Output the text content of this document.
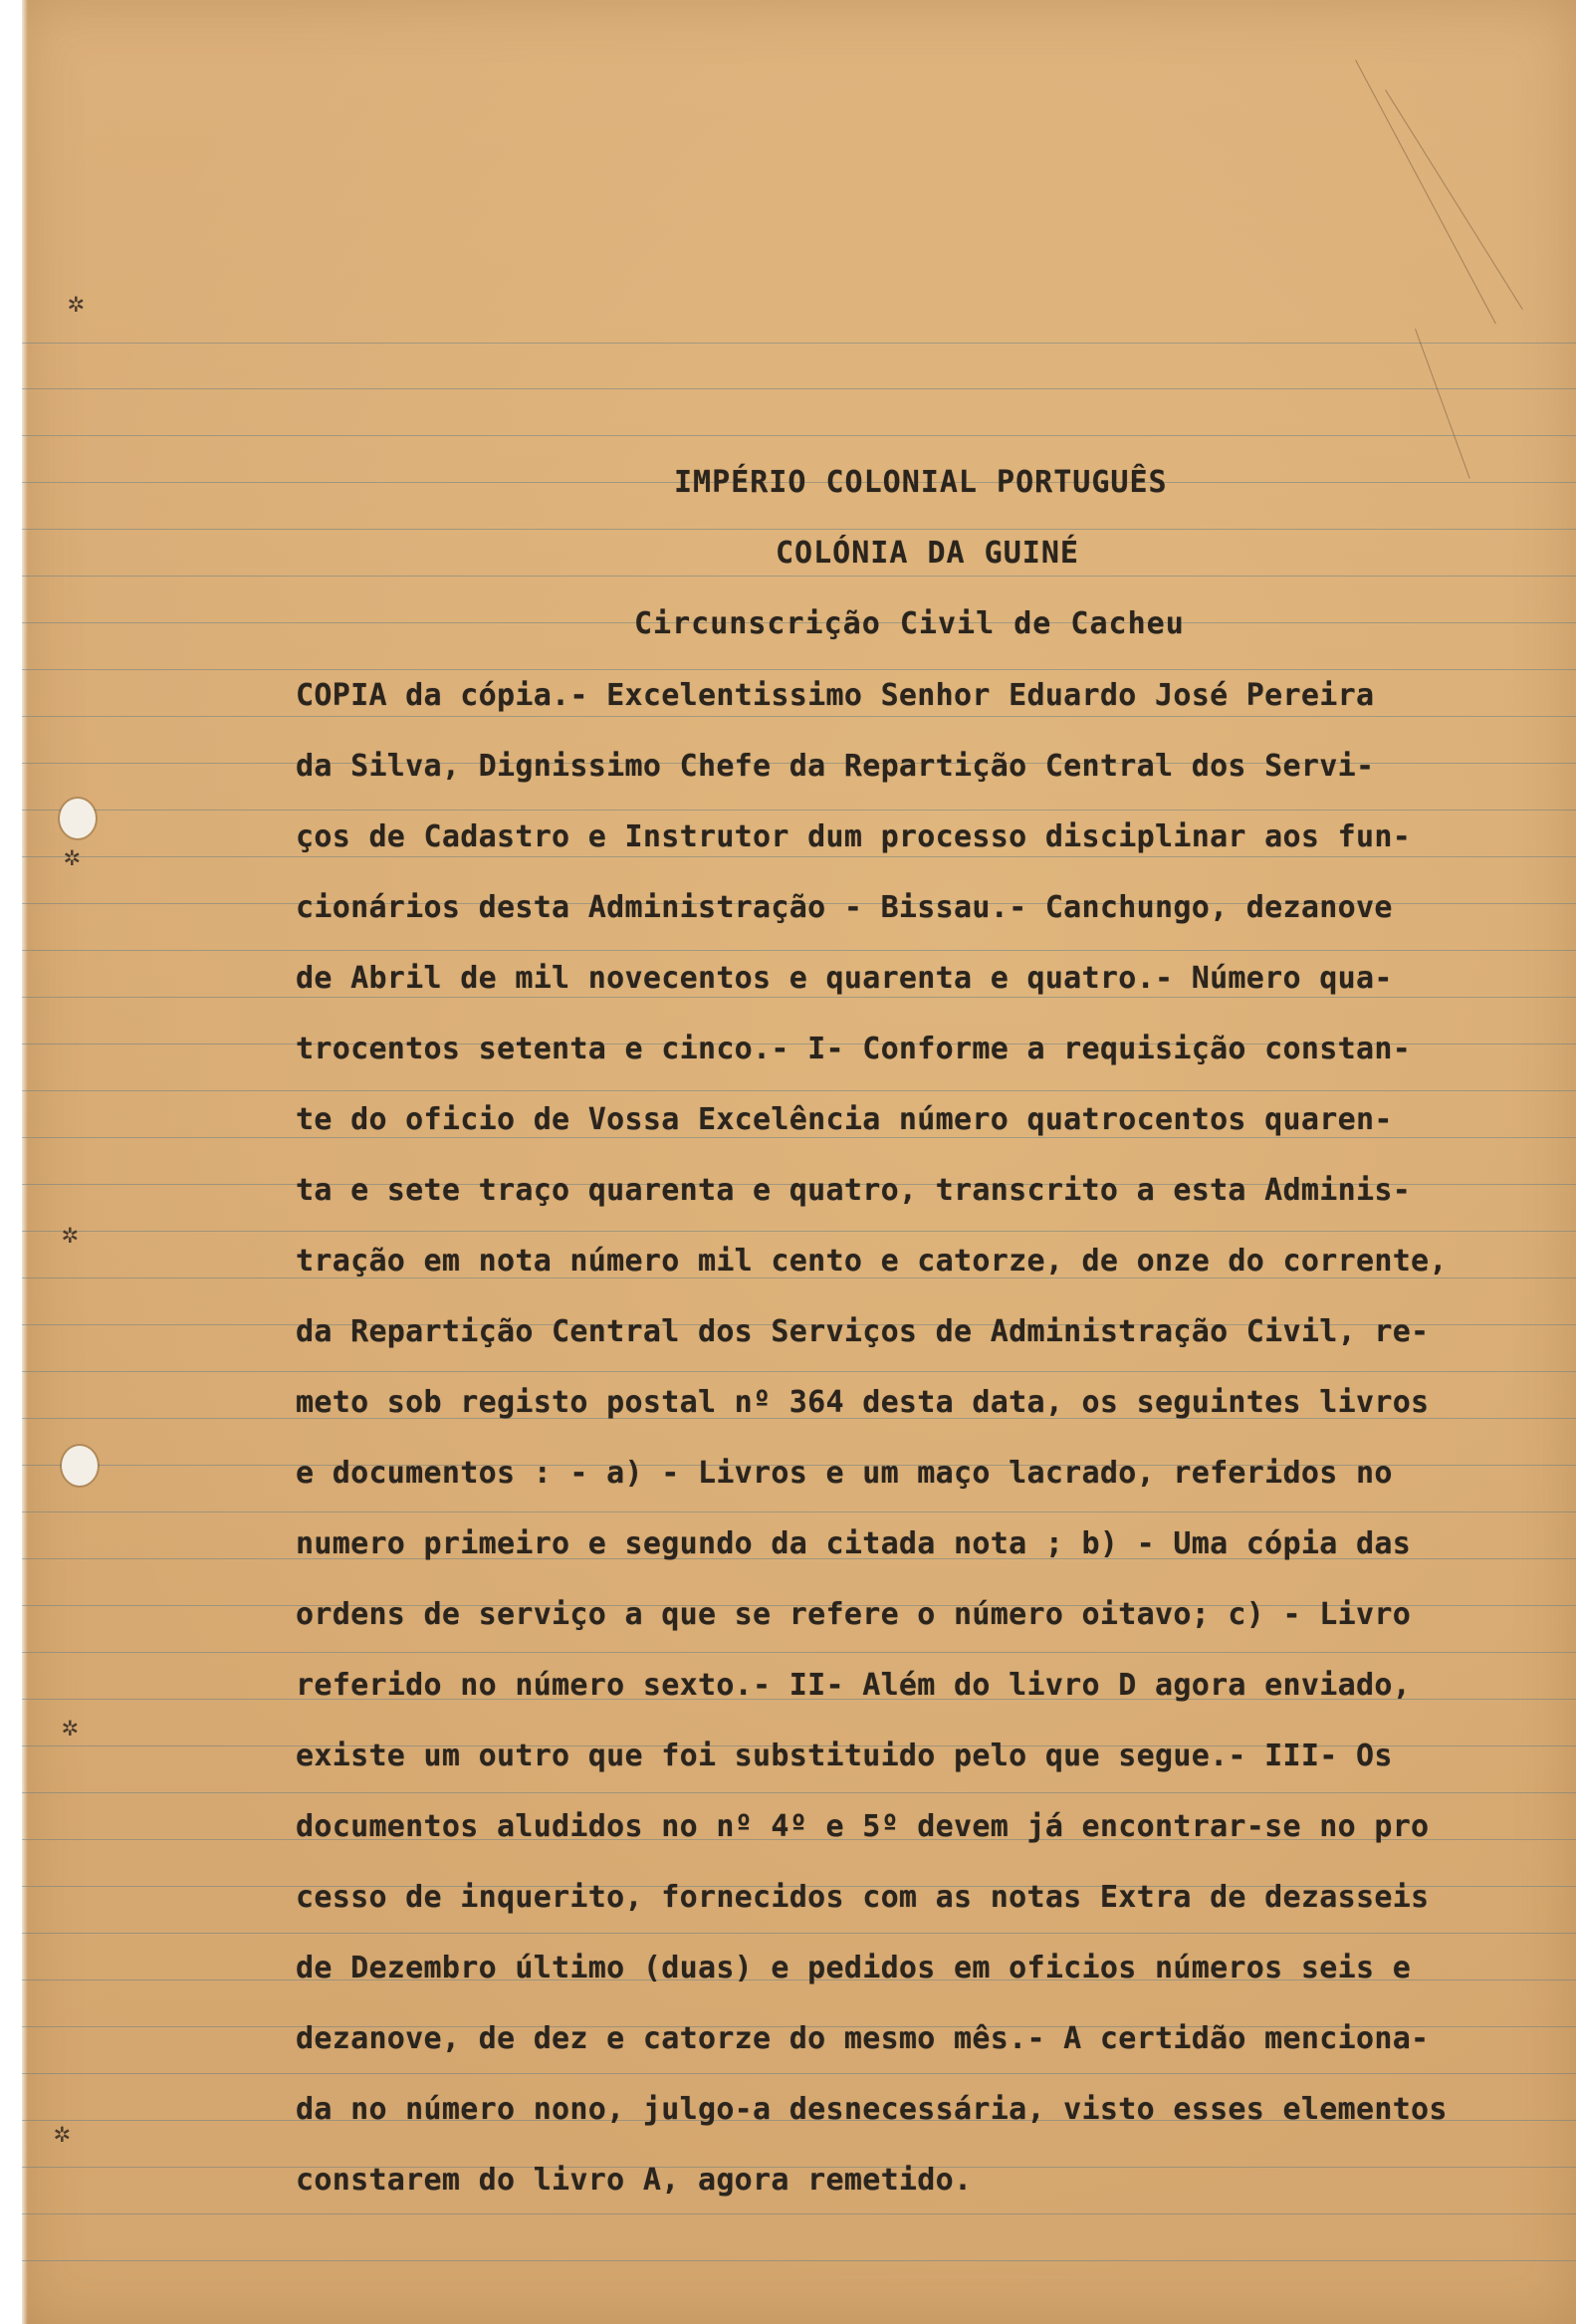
✲
✲
✲
✲
✲

IMPÉRIO COLONIAL PORTUGUÊS

COLÓNIA DA GUINÉ

Circunscrição Civil de Cacheu

COPIA da cópia.- Excelentissimo Senhor Eduardo José Pereira

da Silva, Dignissimo Chefe da Repartição Central dos Servi-

ços de Cadastro e Instrutor dum processo disciplinar aos fun-

cionários desta Administração - Bissau.- Canchungo, dezanove

de Abril de mil novecentos e quarenta e quatro.- Número qua-

trocentos setenta e cinco.- I- Conforme a requisição constan-

te do oficio de Vossa Excelência número quatrocentos quaren-

ta e sete traço quarenta e quatro, transcrito a esta Adminis-

tração em nota número mil cento e catorze, de onze do corrente,

da Repartição Central dos Serviços de Administração Civil, re-

meto sob registo postal nº 364 desta data, os seguintes livros

e documentos : - a) - Livros e um maço lacrado, referidos no

numero primeiro e segundo da citada nota ; b) - Uma cópia das

ordens de serviço a que se refere o número oitavo; c) - Livro

referido no número sexto.- II- Além do livro D agora enviado,

existe um outro que foi substituido pelo que segue.- III- Os

documentos aludidos no nº 4º e 5º devem já encontrar-se no pro

cesso de inquerito, fornecidos com as notas Extra de dezasseis

de Dezembro último (duas) e pedidos em oficios números seis e

dezanove, de dez e catorze do mesmo mês.- A certidão menciona-

da no número nono, julgo-a desnecessária, visto esses elementos

constarem do livro A, agora remetido.
